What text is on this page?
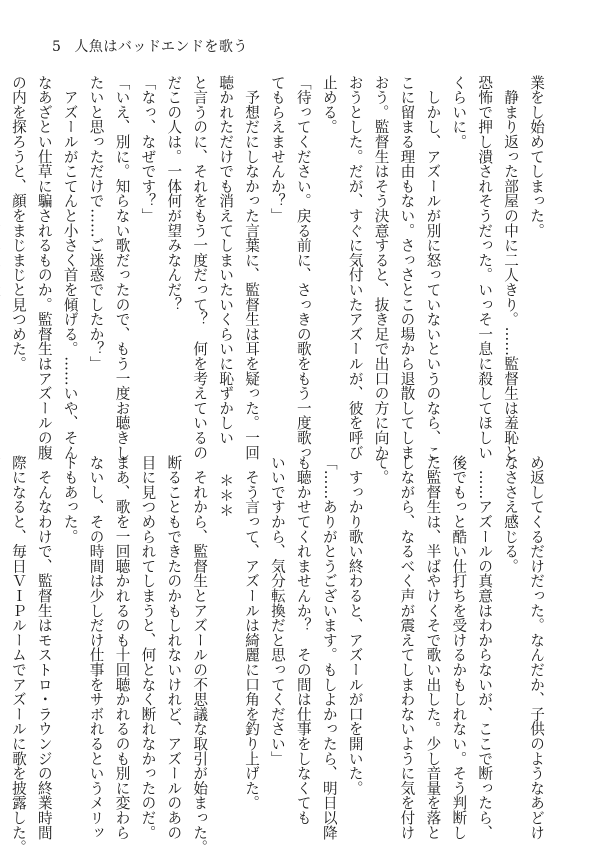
5 人魚はバッドエンドを歌う
業をし始めてしまった。
　静まり返った部屋の中に二人きり。……監督生は羞恥と
恐怖で押し潰されそうだった。いっそ一息に殺してほしい
くらいに。
　しかし、アズールが別に怒っていないというのなら、こ
こに留まる理由もない。さっさとこの場から退散してしま
おう。監督生はそう決意すると、抜き足で出口の方に向か
おうとした。だが、すぐに気付いたアズールが、彼を呼び
止める。
「待ってください。戻る前に、さっきの歌をもう一度歌っ
てもらえませんか？」
　予想だにしなかった言葉に、監督生は耳を疑った。一回
聴かれただけでも消えてしまいたいくらいに恥ずかしい
と言うのに、それをもう一度だって？　何を考えているの
だこの人は。一体何が望みなんだ？
「なっ、なぜです？」
「いえ、別に。知らない歌だったので、もう一度お聴きし
たいと思っただけで……ご迷惑でしたか？」
　アズールがこてんと小さく首を傾げる。……いや、そん
なあざとい仕草に騙されるものか。監督生はアズールの腹
の内を探ろうと、顔をまじまじと見つめた。
め返してくるだけだった。なんだか、子供のようなあどけ
なささえ感じる。
　……アズールの真意はわからないが、ここで断ったら、
後でもっと酷い仕打ちを受けるかもしれない。そう判断し
た監督生は、半ばやけくそで歌い出した。少し音量を落と
しながら、なるべく声が震えてしまわないように気を付け
て。
　すっかり歌い終わると、アズールが口を開いた。
「……ありがとうございます。もしよかったら、明日以降
も聴かせてくれませんか？　その間は仕事をしなくても
いいですから、気分転換だと思ってください」
　そう言って、アズールは綺麗に口角を釣り上げた。
＊＊＊
　それから、監督生とアズールの不思議な取引が始まった。
断ることもできたのかもしれないけれど、アズールのあの
目に見つめられてしまうと、何となく断れなかったのだ。
まあ、歌を一回聴かれるのも十回聴かれるのも別に変わら
ないし、その時間は少しだけ仕事をサボれるというメリッ
トもあった。
　そんなわけで、監督生はモストロ・ラウンジの終業時間
際になると、毎日ＶＩＰルームでアズールに歌を披露した。
